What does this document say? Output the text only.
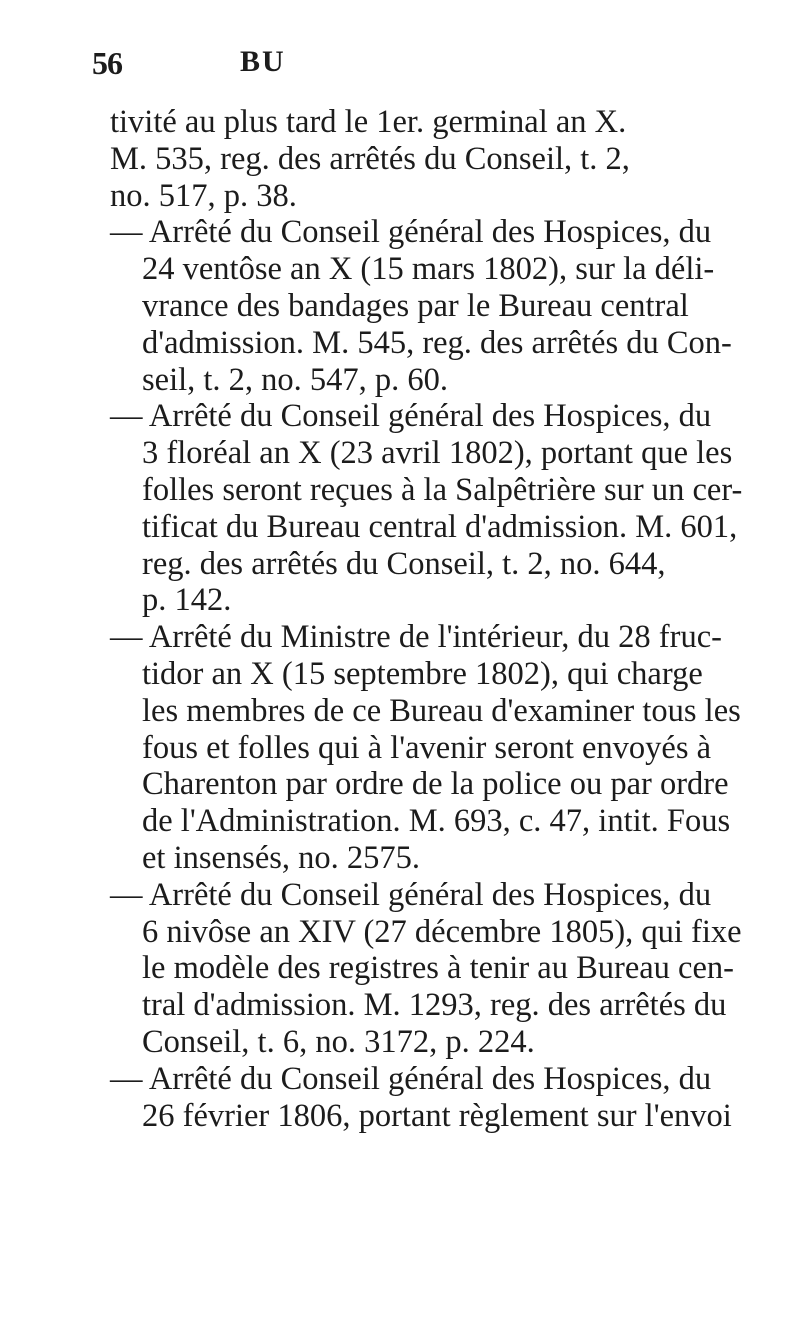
56	BU
tivité au plus tard le 1er. germinal an X.
M. 535, reg. des arrêtés du Conseil, t. 2,
no. 517, p. 38.
— Arrêté du Conseil général des Hospices, du
24 ventôse an X (15 mars 1802), sur la déli-
vrance des bandages par le Bureau central
d'admission. M. 545, reg. des arrêtés du Con-
seil, t. 2, no. 547, p. 60.
— Arrêté du Conseil général des Hospices, du
3 floréal an X (23 avril 1802), portant que les
folles seront reçues à la Salpêtrière sur un cer-
tificat du Bureau central d'admission. M. 601,
reg. des arrêtés du Conseil, t. 2, no. 644,
p. 142.
— Arrêté du Ministre de l'intérieur, du 28 fruc-
tidor an X (15 septembre 1802), qui charge
les membres de ce Bureau d'examiner tous les
fous et folles qui à l'avenir seront envoyés à
Charenton par ordre de la police ou par ordre
de l'Administration. M. 693, c. 47, intit. Fous
et insensés, no. 2575.
— Arrêté du Conseil général des Hospices, du
6 nivôse an XIV (27 décembre 1805), qui fixe
le modèle des registres à tenir au Bureau cen-
tral d'admission. M. 1293, reg. des arrêtés du
Conseil, t. 6, no. 3172, p. 224.
— Arrêté du Conseil général des Hospices, du
26 février 1806, portant règlement sur l'envoi
